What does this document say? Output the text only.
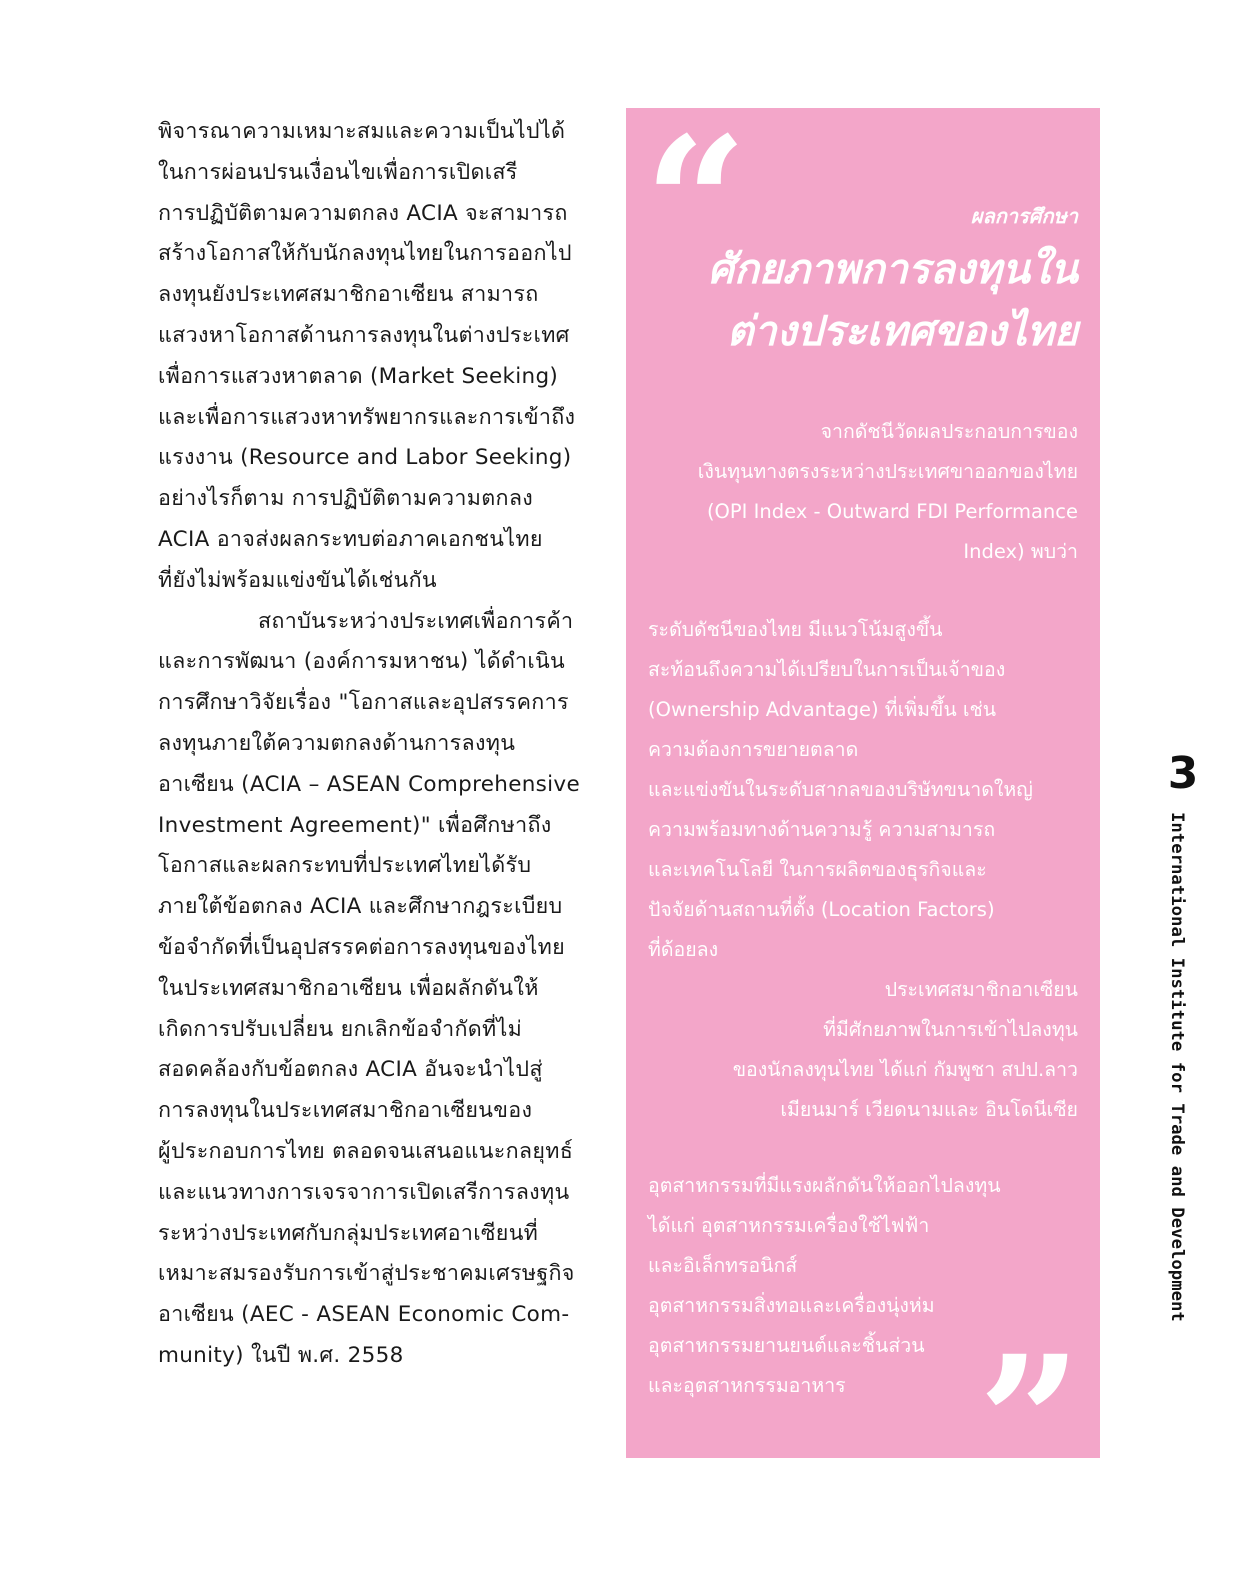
พิจารณาความเหมาะสมและความเป็นไปได้
ในการผ่อนปรนเงื่อนไขเพื่อการเปิดเสรี
การปฏิบัติตามความตกลง ACIA จะสามารถ
สร้างโอกาสให้กับนักลงทุนไทยในการออกไป
ลงทุนยังประเทศสมาชิกอาเซียน สามารถ
แสวงหาโอกาสด้านการลงทุนในต่างประเทศ
เพื่อการแสวงหาตลาด (Market Seeking)
และเพื่อการแสวงหาทรัพยากรและการเข้าถึง
แรงงาน (Resource and Labor Seeking)
อย่างไรก็ตาม การปฏิบัติตามความตกลง
ACIA อาจส่งผลกระทบต่อภาคเอกชนไทย
ที่ยังไม่พร้อมแข่งขันได้เช่นกัน
สถาบันระหว่างประเทศเพื่อการค้า
และการพัฒนา (องค์การมหาชน) ได้ดำเนิน
การศึกษาวิจัยเรื่อง "โอกาสและอุปสรรคการ
ลงทุนภายใต้ความตกลงด้านการลงทุน
อาเซียน (ACIA – ASEAN Comprehensive
Investment Agreement)" เพื่อศึกษาถึง
โอกาสและผลกระทบที่ประเทศไทยได้รับ
ภายใต้ข้อตกลง ACIA และศึกษากฎระเบียบ
ข้อจำกัดที่เป็นอุปสรรคต่อการลงทุนของไทย
ในประเทศสมาชิกอาเซียน เพื่อผลักดันให้
เกิดการปรับเปลี่ยน ยกเลิกข้อจำกัดที่ไม่
สอดคล้องกับข้อตกลง ACIA อันจะนำไปสู่
การลงทุนในประเทศสมาชิกอาเซียนของ
ผู้ประกอบการไทย ตลอดจนเสนอแนะกลยุทธ์
และแนวทางการเจรจาการเปิดเสรีการลงทุน
ระหว่างประเทศกับกลุ่มประเทศอาเซียนที่
เหมาะสมรองรับการเข้าสู่ประชาคมเศรษฐกิจ
อาเซียน (AEC - ASEAN Economic Com-
munity) ในปี พ.ศ. 2558
“	ผลการศึกษา
ศักยภาพการลงทุนใน
ต่างประเทศของไทย
จากดัชนีวัดผลประกอบการของ
เงินทุนทางตรงระหว่างประเทศขาออกของไทย
(OPI Index - Outward FDI Performance
Index) พบว่า
ระดับดัชนีของไทย มีแนวโน้มสูงขึ้น
สะท้อนถึงความได้เปรียบในการเป็นเจ้าของ
(Ownership Advantage) ที่เพิ่มขึ้น เช่น
ความต้องการขยายตลาด
และแข่งขันในระดับสากลของบริษัทขนาดใหญ่
ความพร้อมทางด้านความรู้ ความสามารถ
และเทคโนโลยี ในการผลิตของธุรกิจและ
ปัจจัยด้านสถานที่ตั้ง (Location Factors)
ที่ด้อยลง
ประเทศสมาชิกอาเซียน
ที่มีศักยภาพในการเข้าไปลงทุน
ของนักลงทุนไทย ได้แก่ กัมพูชา สปป.ลาว
เมียนมาร์ เวียดนามและ อินโดนีเซีย
อุตสาหกรรมที่มีแรงผลักดันให้ออกไปลงทุน
ได้แก่ อุตสาหกรรมเครื่องใช้ไฟฟ้า
และอิเล็กทรอนิกส์
อุตสาหกรรมสิ่งทอและเครื่องนุ่งห่ม
อุตสาหกรรมยานยนต์และชิ้นส่วน
และอุตสาหกรรมอาหาร ”
3
International Institute for Trade and Development
